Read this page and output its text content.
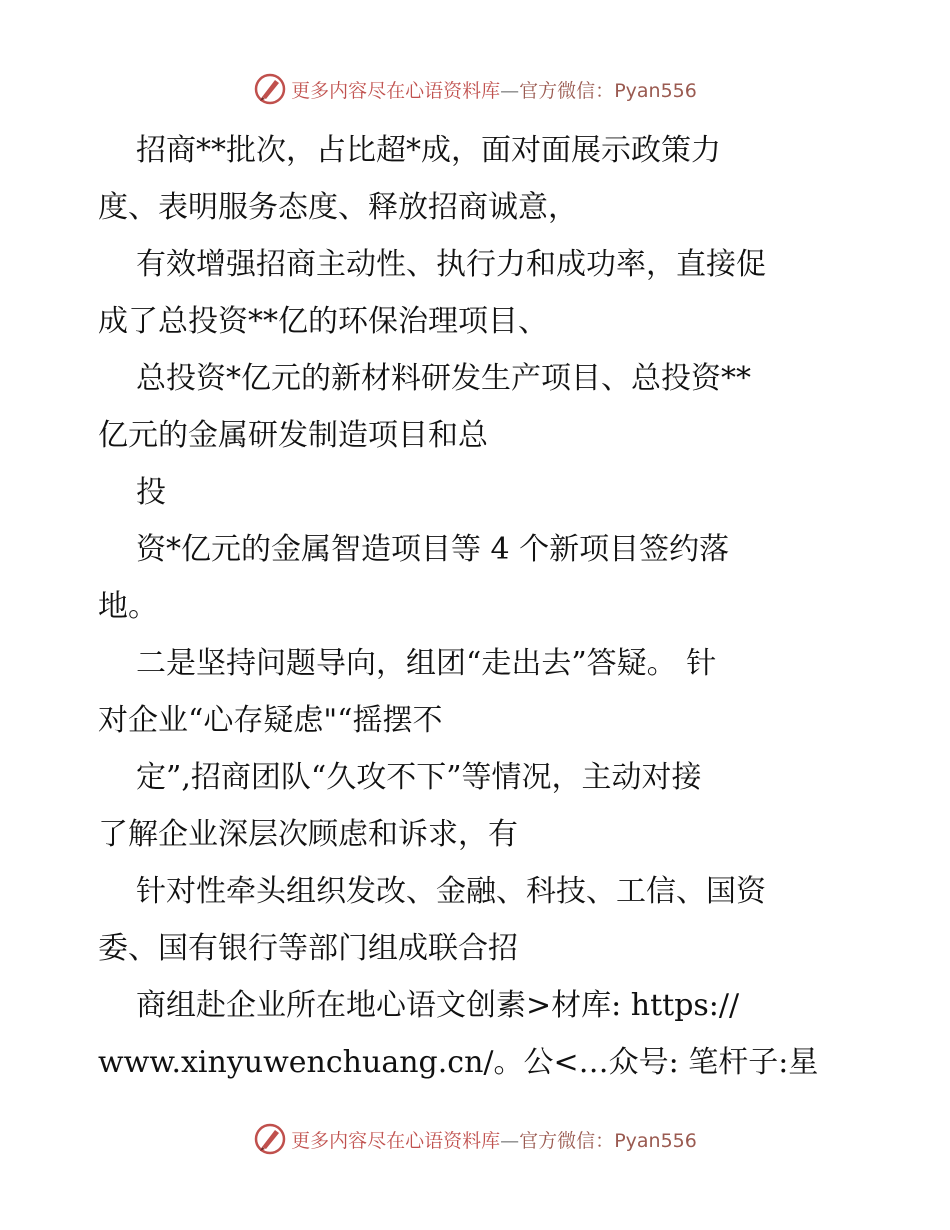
更多内容尽在心语资料库—官方微信：Pyan556
招商**批次，占比超*成，面对面展示政策力
度、表明服务态度、释放招商诚意，
有效增强招商主动性、执行力和成功率，直接促
成了总投资**亿的环保治理项目、
总投资*亿元的新材料研发生产项目、总投资**
亿元的金属研发制造项目和总
投
资*亿元的金属智造项目等 4 个新项目签约落
地。
二是坚持问题导向，组团“走出去”答疑。 针
对企业“心存疑虑"“摇摆不
定”,招商团队“久攻不下”等情况，主动对接
了解企业深层次顾虑和诉求，有
针对性牵头组织发改、金融、科技、工信、国资
委、国有银行等部门组成联合招
商组赴企业所在地心语文创素>材库: https://
www.xinyuwenchuang.cn/。公<…众号: 笔杆子:星
更多内容尽在心语资料库—官方微信：Pyan556
